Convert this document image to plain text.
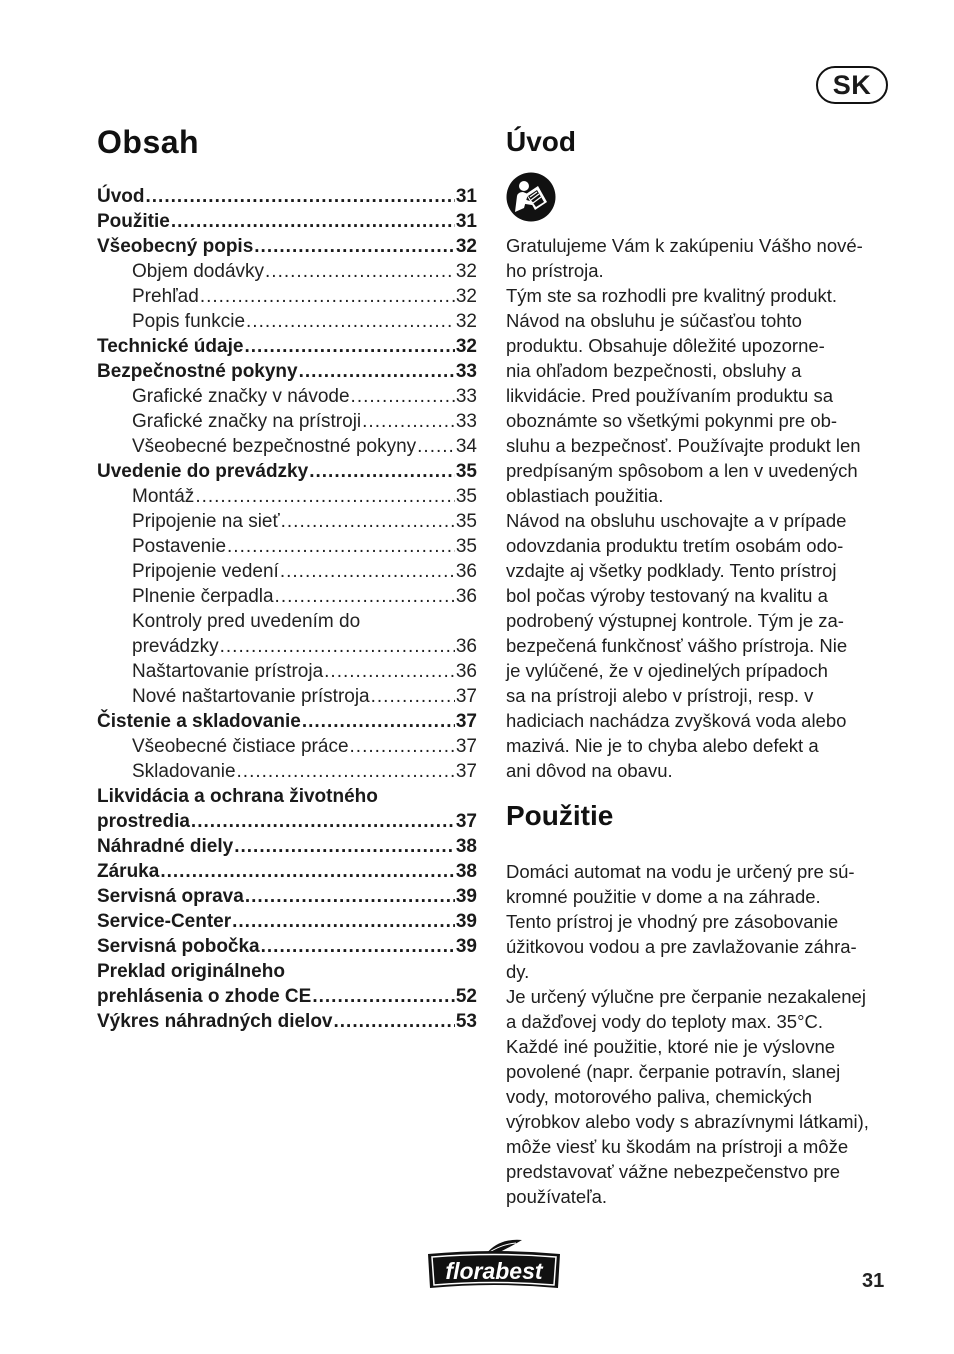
SK
Obsah
Úvod .....	31
Použitie .....	31
Všeobecný popis .....	32
Objem dodávky .....	32
Prehľad .....	32
Popis funkcie .....	32
Technické údaje .....	32
Bezpečnostné pokyny .....	33
Grafické značky v návode .....	33
Grafické značky na prístroji .....	33
Všeobecné bezpečnostné pokyny ..... 34
Uvedenie do prevádzky .....	35
Montáž .....	35
Pripojenie na sieť .....	35
Postavenie .....	35
Pripojenie vedení .....	36
Plnenie čerpadla .....	36
Kontroly pred uvedením do
prevádzky .....	36
Naštartovanie prístroja .....	36
Nové naštartovanie prístroja .....	37
Čistenie a skladovanie .....	37
Všeobecné čistiace práce .....	37
Skladovanie .....	37
Likvidácia a ochrana životného
prostredia .....	37
Náhradné diely .....	38
Záruka .....	38
Servisná oprava .....	39
Service-Center .....	39
Servisná pobočka .....	39
Preklad originálneho
prehlásenia o zhode CE .....	52
Výkres náhradných dielov .....	53
Úvod
Gratulujeme Vám k zakúpeniu Vášho nové-
ho prístroja.
Tým ste sa rozhodli pre kvalitný produkt.
Návod na obsluhu je súčasťou tohto
produktu. Obsahuje dôležité upozorne-
nia ohľadom bezpečnosti, obsluhy a
likvidácie. Pred používaním produktu sa
oboznámte so všetkými pokynmi pre ob-
sluhu a bezpečnosť. Používajte produkt len
predpísaným spôsobom a len v uvedených
oblastiach použitia.
Návod na obsluhu uschovajte a v prípade
odovzdania produktu tretím osobám odo-
vzdajte aj všetky podklady. Tento prístroj
bol počas výroby testovaný na kvalitu a
podrobený výstupnej kontrole. Tým je za-
bezpečená funkčnosť vášho prístroja. Nie
je vylúčené, že v ojedinelých prípadoch
sa na prístroji alebo v prístroji, resp. v
hadiciach nachádza zvyšková voda alebo
mazivá. Nie je to chyba alebo defekt a
ani dôvod na obavu.
Použitie
Domáci automat na vodu je určený pre sú-
kromné použitie v dome a na záhrade.
Tento prístroj je vhodný pre zásobovanie
úžitkovou vodou a pre zavlažovanie záhra-
dy.
Je určený výlučne pre čerpanie nezakalenej
a dažďovej vody do teploty max. 35°C.
Každé iné použitie, ktoré nie je výslovne
povolené (napr. čerpanie potravín, slanej
vody, motorového paliva, chemických
výrobkov alebo vody s abrazívnymi látkami),
môže viesť ku škodám na prístroji a môže
predstavovať vážne nebezpečenstvo pre
používateľa.
florabest	31
